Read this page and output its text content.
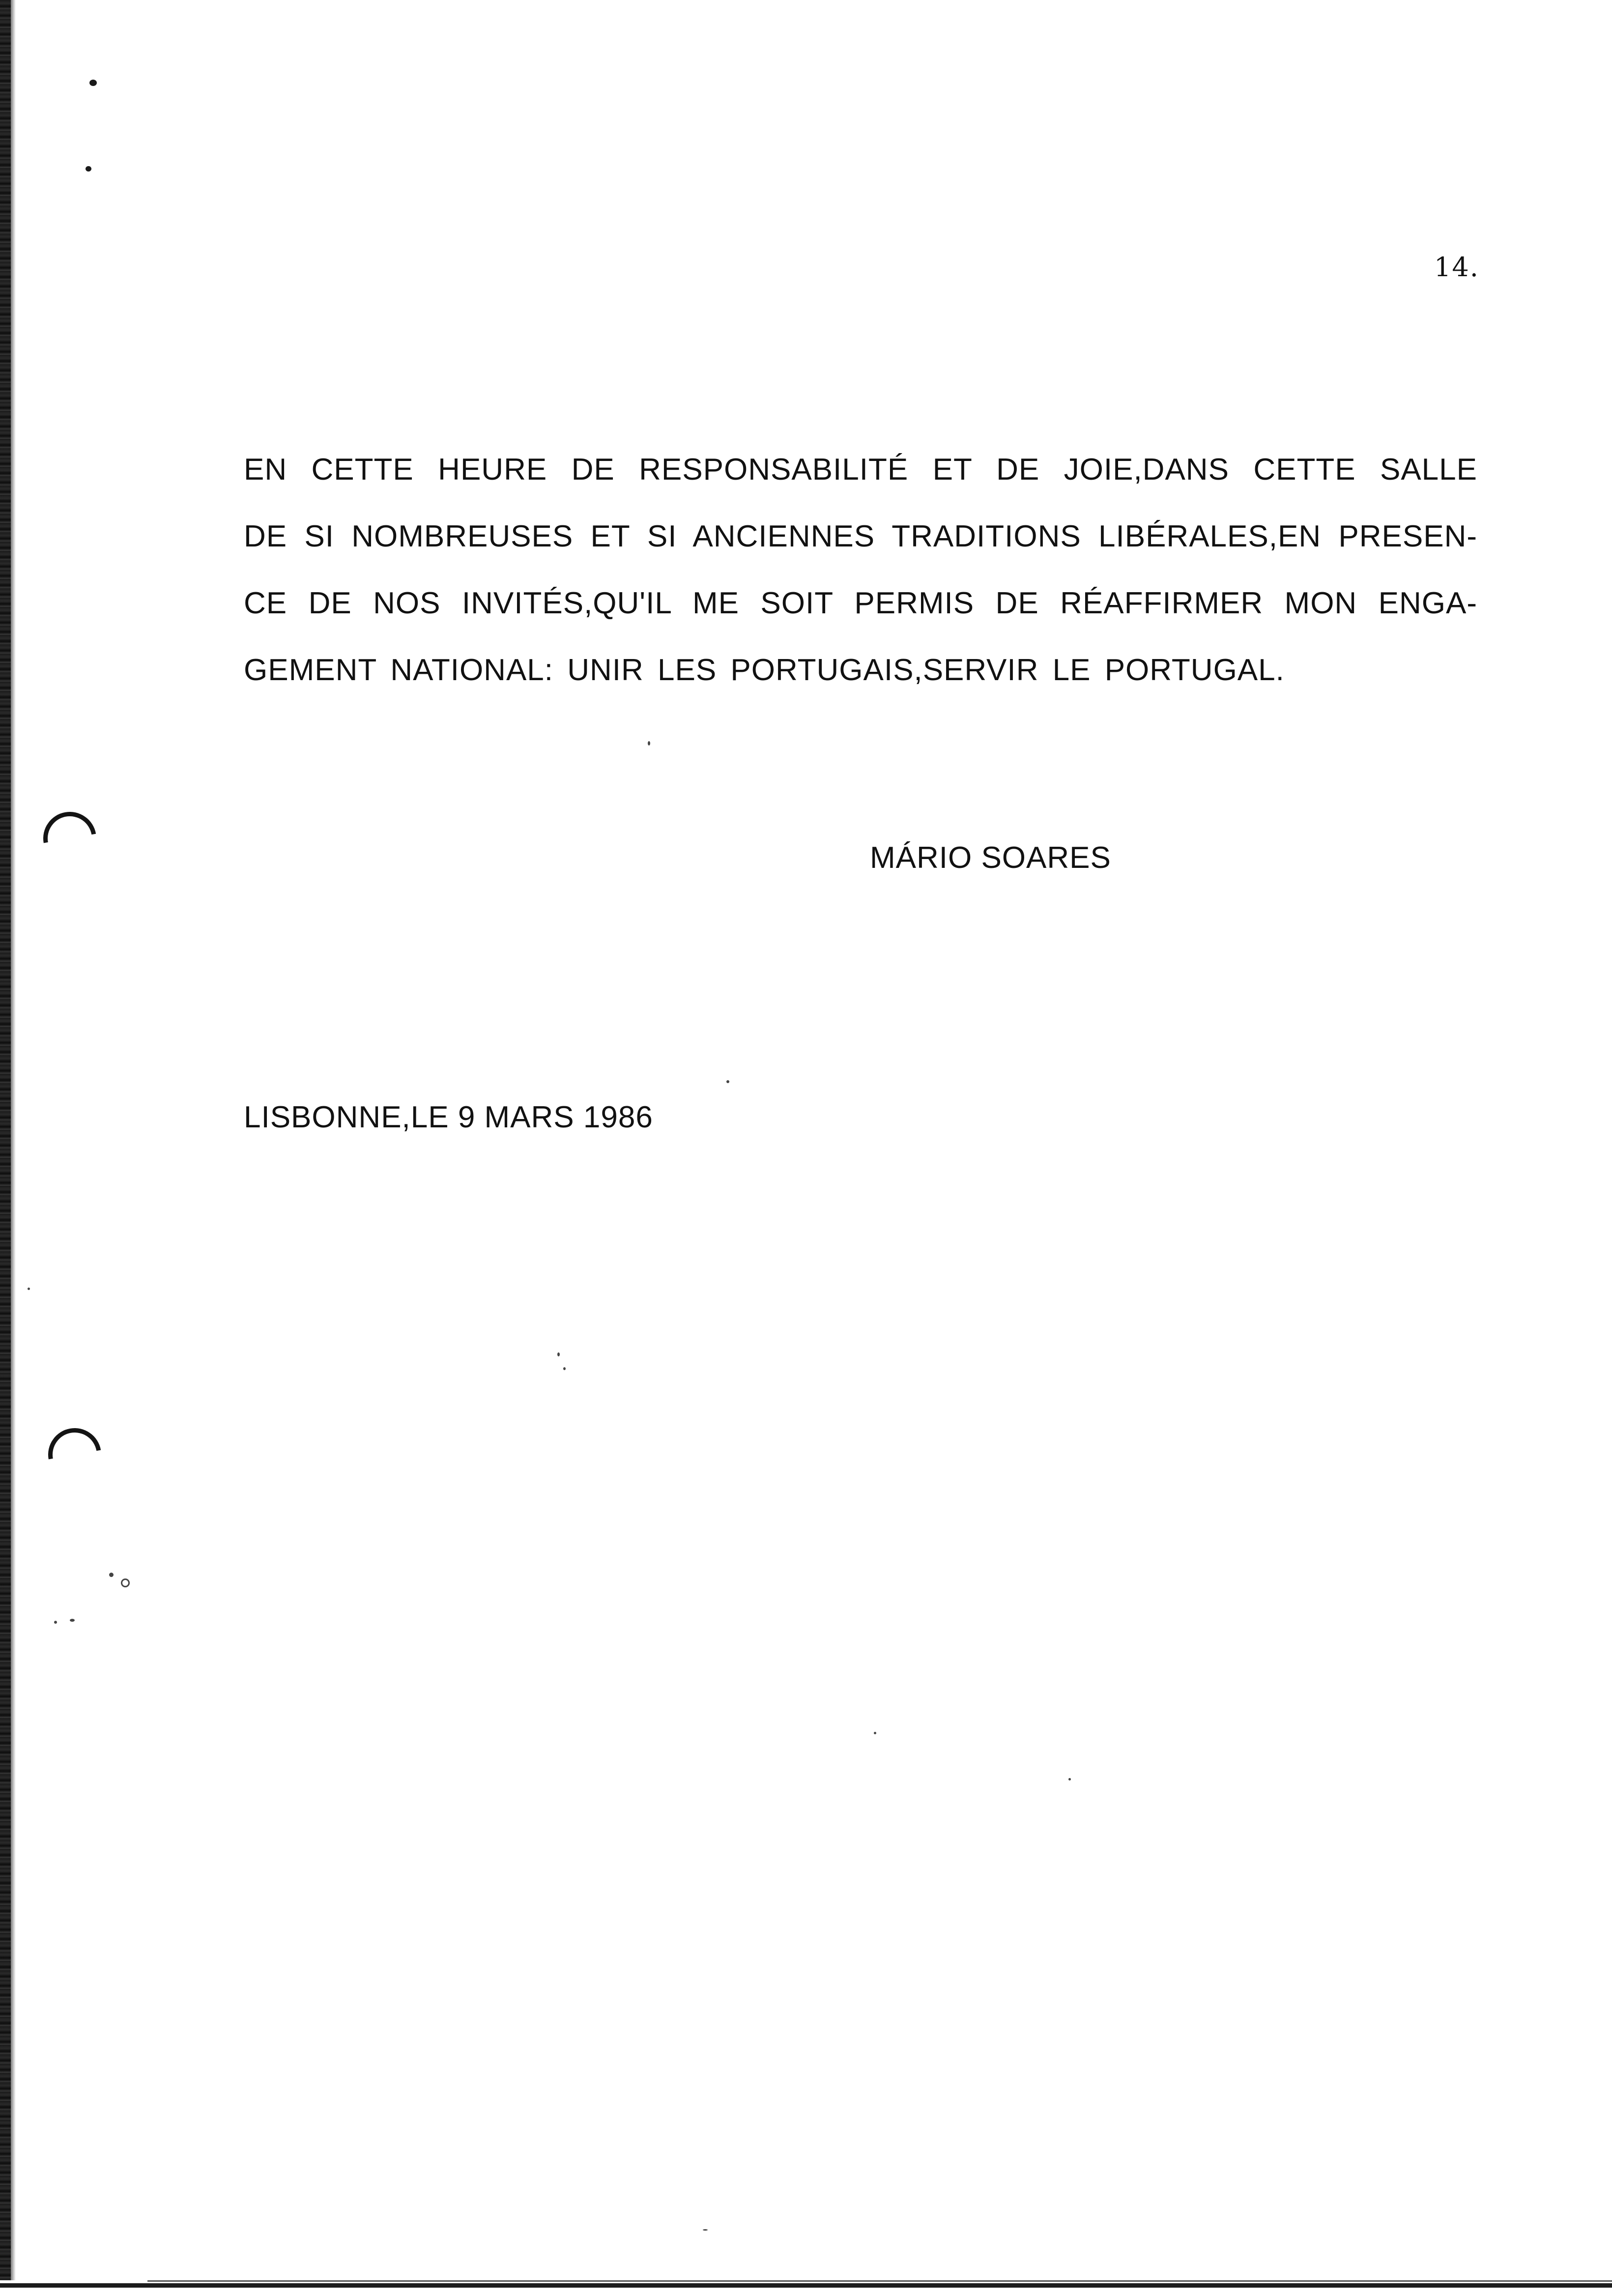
14.
EN CETTE HEURE DE RESPONSABILITÉ ET DE JOIE,DANS CETTE SALLE
DE SI NOMBREUSES ET SI ANCIENNES TRADITIONS LIBÉRALES,EN PRESEN-
CE DE NOS INVITÉS,QU'IL ME SOIT PERMIS DE RÉAFFIRMER MON ENGA-
GEMENT NATIONAL: UNIR LES PORTUGAIS,SERVIR LE PORTUGAL.
MÁRIO SOARES
LISBONNE,LE 9 MARS 1986
